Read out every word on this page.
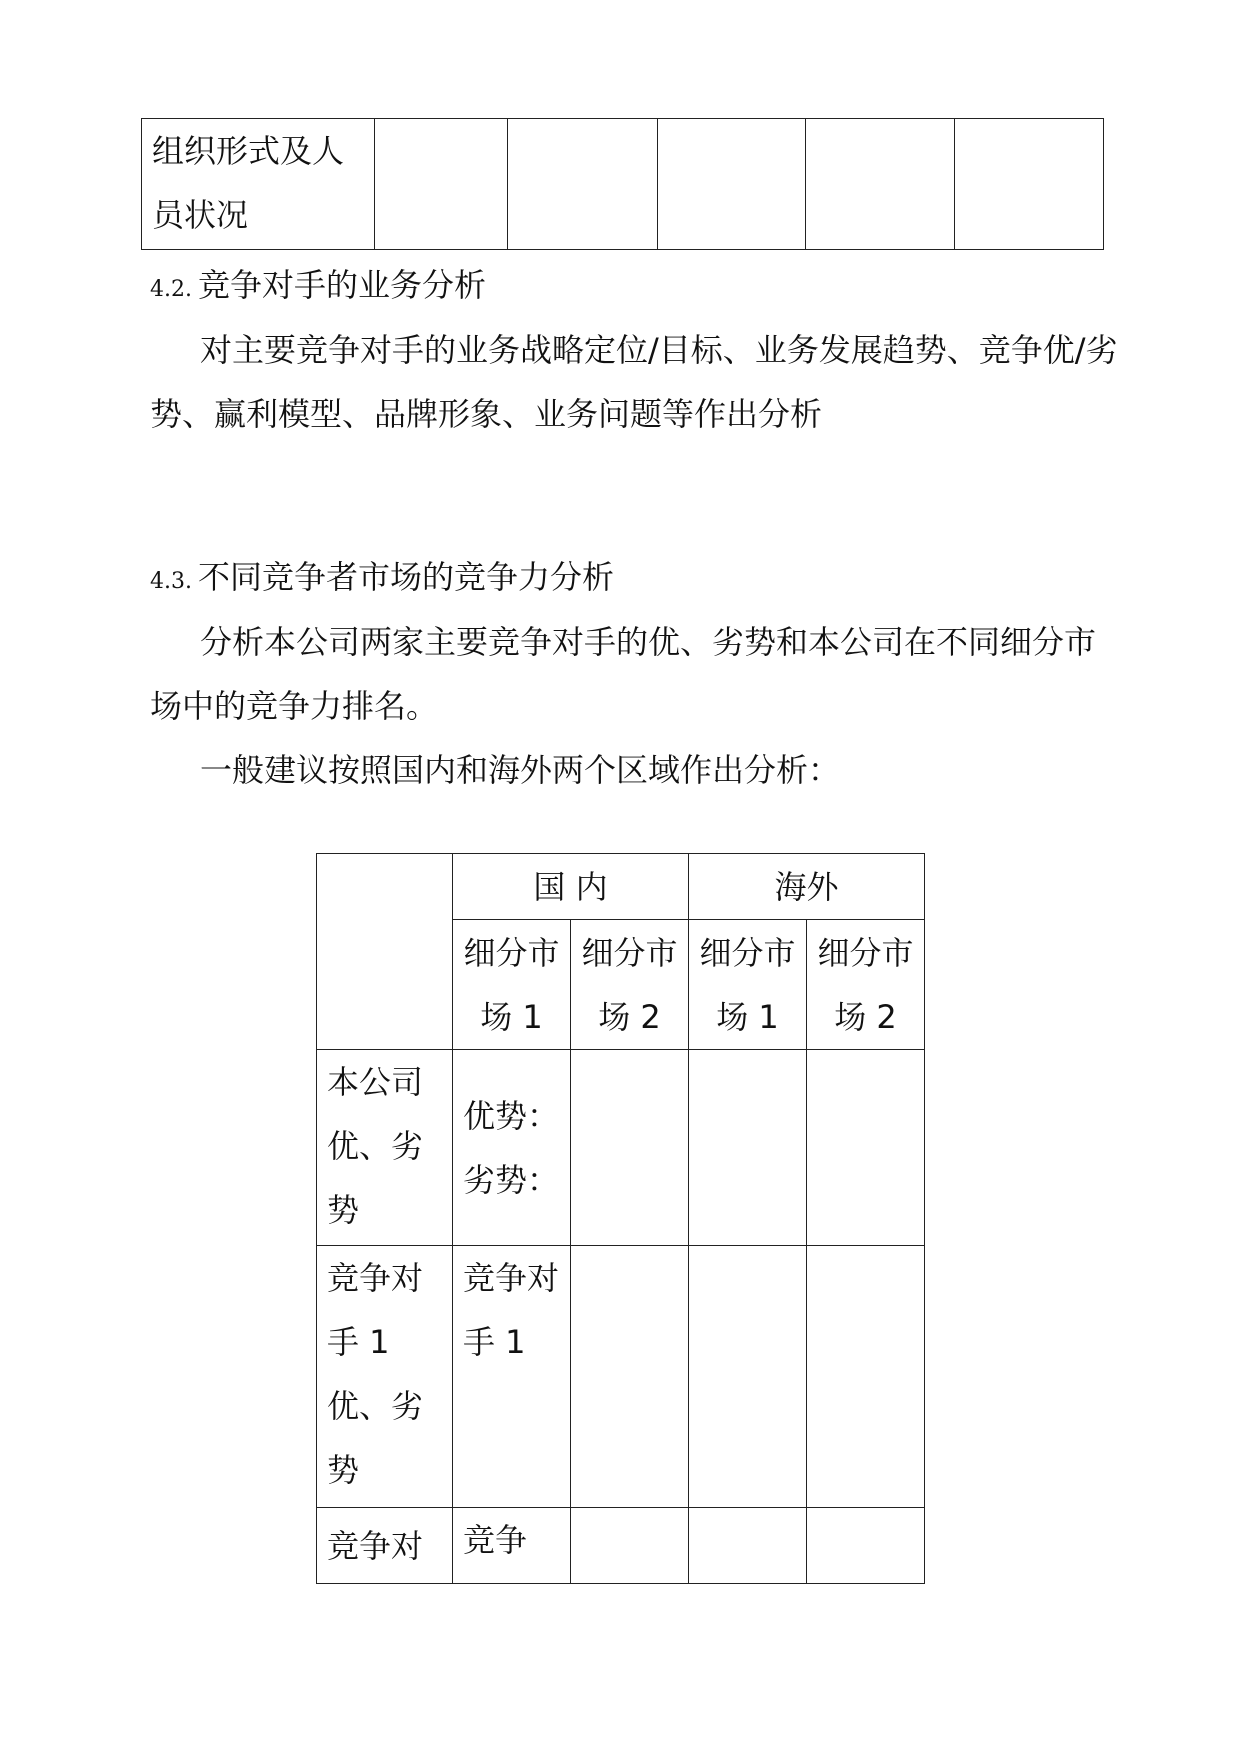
组织形式及人员状况

4.2. 竞争对手的业务分析
对主要竞争对手的业务战略定位/目标、业务发展趋势、竞争优/劣势、赢利模型、品牌形象、业务问题等作出分析
4.3. 不同竞争者市场的竞争力分析
分析本公司两家主要竞争对手的优、劣势和本公司在不同细分市场中的竞争力排名。
一般建议按照国内和海外两个区域作出分析：
	国 内		海外	

	细分市场 1	细分市场 2	细分市场 1	细分市场 2

本公司优、劣势	优势：
劣势：			

竞争对手 1 优、劣势	竞争对手 1			

竞争对	竞争			
